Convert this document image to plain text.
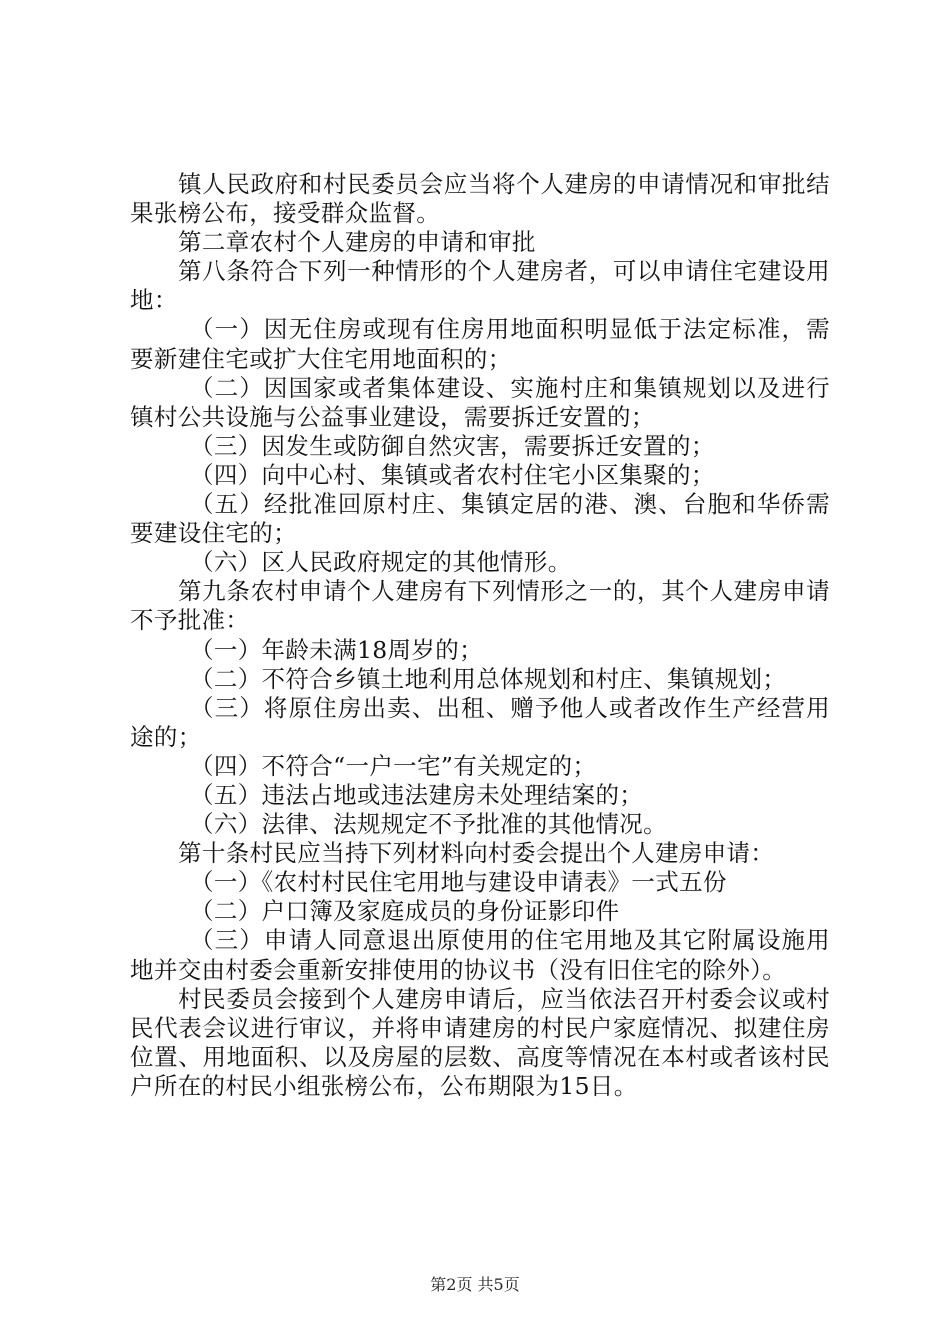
镇人民政府和村民委员会应当将个人建房的申请情况和审批结果张榜公布，接受群众监督。

第二章农村个人建房的申请和审批

第八条符合下列一种情形的个人建房者，可以申请住宅建设用地：

（一）因无住房或现有住房用地面积明显低于法定标准，需要新建住宅或扩大住宅用地面积的；

（二）因国家或者集体建设、实施村庄和集镇规划以及进行镇村公共设施与公益事业建设，需要拆迁安置的；

（三）因发生或防御自然灾害，需要拆迁安置的；

（四）向中心村、集镇或者农村住宅小区集聚的；

（五）经批准回原村庄、集镇定居的港、澳、台胞和华侨需要建设住宅的；

（六）区人民政府规定的其他情形。

第九条农村申请个人建房有下列情形之一的，其个人建房申请不予批准：

（一）年龄未满18周岁的；

（二）不符合乡镇土地利用总体规划和村庄、集镇规划；

（三）将原住房出卖、出租、赠予他人或者改作生产经营用途的；

（四）不符合“一户一宅”有关规定的；

（五）违法占地或违法建房未处理结案的；

（六）法律、法规规定不予批准的其他情况。

第十条村民应当持下列材料向村委会提出个人建房申请：

（一）《农村村民住宅用地与建设申请表》一式五份

（二）户口簿及家庭成员的身份证影印件

（三）申请人同意退出原使用的住宅用地及其它附属设施用地并交由村委会重新安排使用的协议书（没有旧住宅的除外）。

村民委员会接到个人建房申请后，应当依法召开村委会议或村民代表会议进行审议，并将申请建房的村民户家庭情况、拟建住房位置、用地面积、以及房屋的层数、高度等情况在本村或者该村民户所在的村民小组张榜公布，公布期限为15日。

第2页 共5页
